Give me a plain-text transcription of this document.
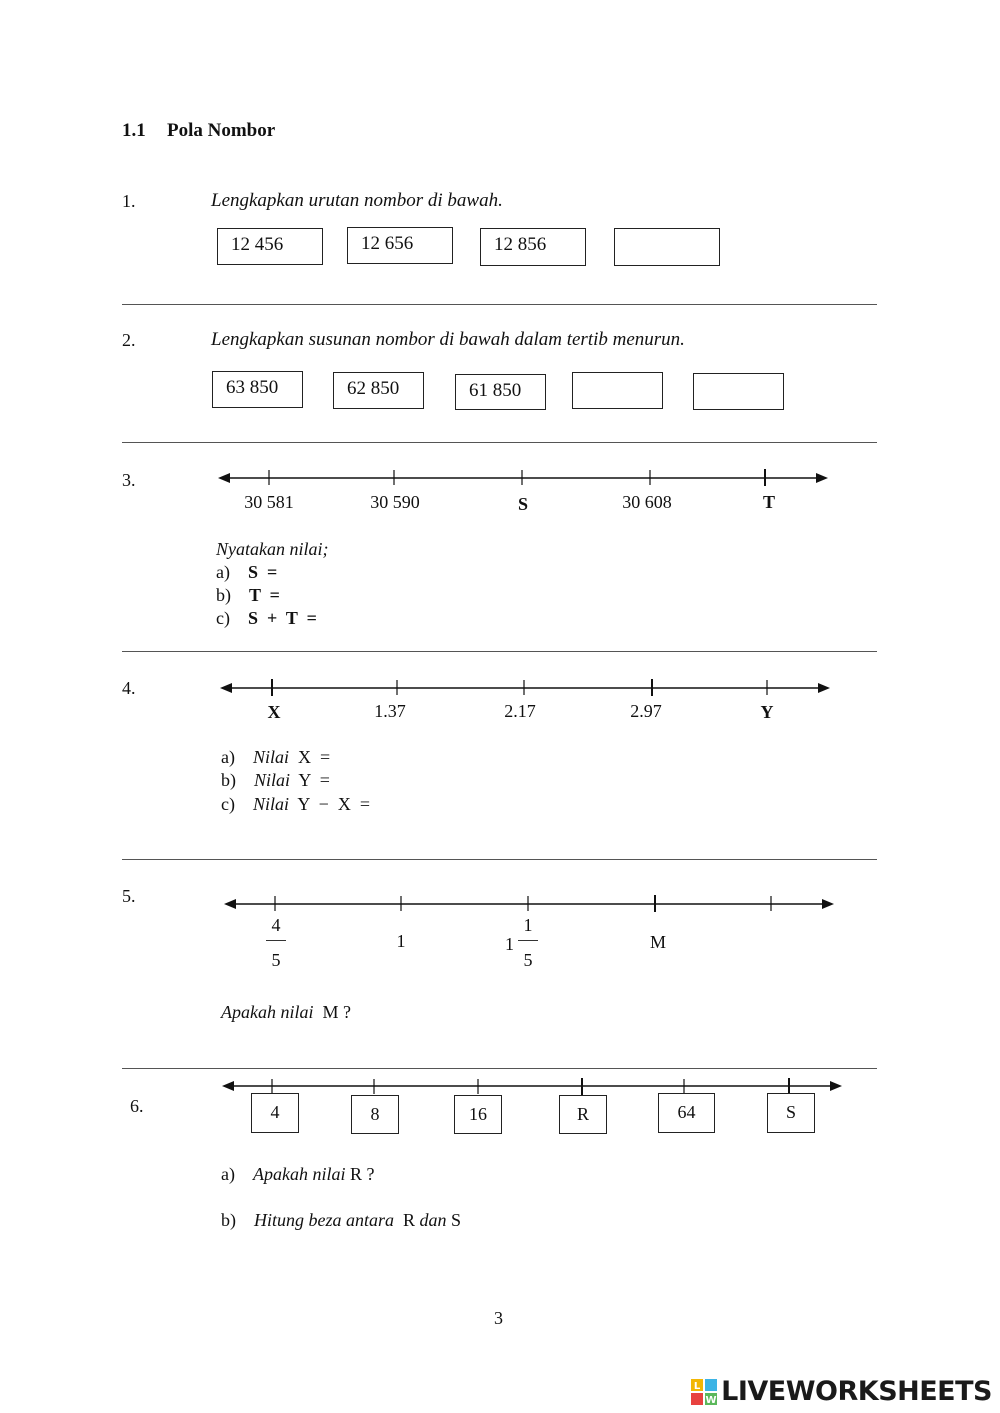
1.1 Pola Nombor
1.	Lengkapkan urutan nombor di bawah.
12 456	12 656	12 856
2.	Lengkapkan susunan nombor di bawah dalam tertib menurun.
63 850	62 850	61 850
3.
30 581	30 590	S	30 608	T
Nyatakan nilai;
a) S  =
b) T  =
c) S  +  T  =
4.
X	1.37	2.17	2.97	Y
a) Nilai X  =
b) Nilai Y  =
c) Nilai Y  −  X  =
5.
4
5
1	1
1
5
M
Apakah nilai M ?
6.	4	8	16	R	64	S
a) Apakah nilai R ?
b) Hitung beza antara R dan S
3
L
W LIVEWORKSHEETS
